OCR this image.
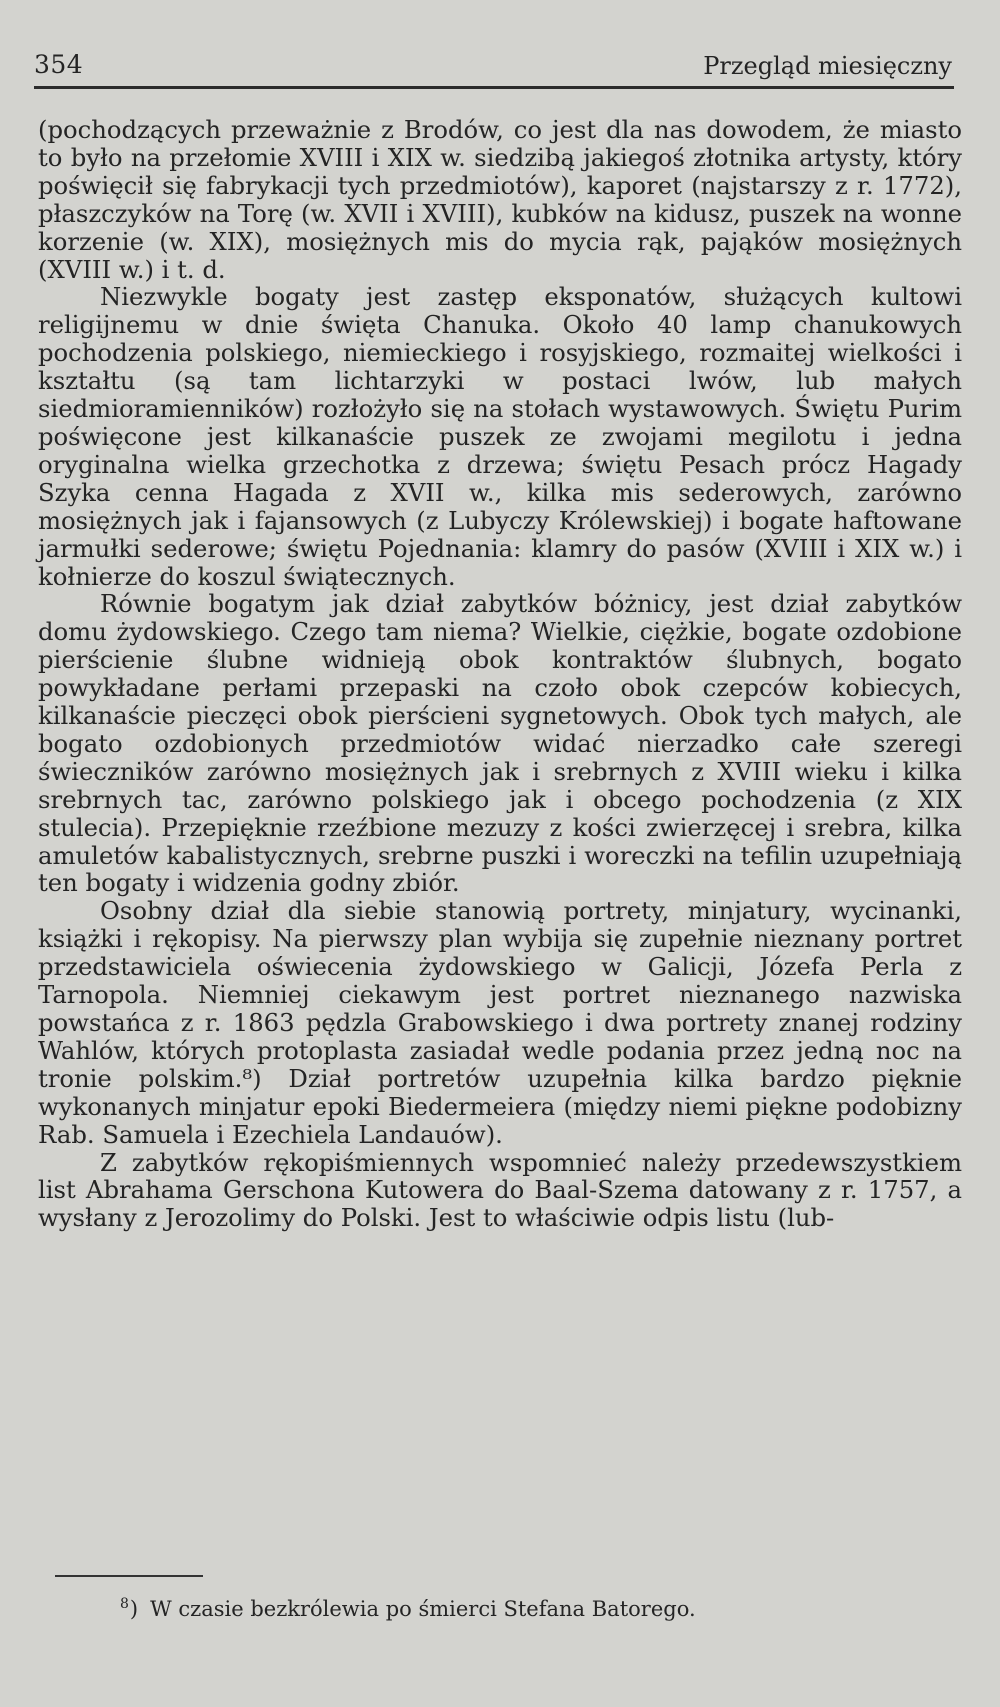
354	Przegląd miesięczny

(pochodzących przeważnie z Brodów, co jest dla nas dowodem, że miasto to było na przełomie XVIII i XIX w. siedzibą jakiegoś złotnika artysty, który poświęcił się fabrykacji tych przedmiotów), kaporet (najstarszy z r. 1772), płaszczyków na Torę (w. XVII i XVIII), kubków na kidusz, puszek na wonne korzenie (w. XIX), mosiężnych mis do mycia rąk, pająków mosiężnych (XVIII w.) i t. d.

Niezwykle bogaty jest zastęp eksponatów, służących kultowi religijnemu w dnie święta Chanuka. Około 40 lamp chanukowych pochodzenia polskiego, niemieckiego i rosyjskiego, rozmaitej wielkości i kształtu (są tam lichtarzyki w postaci lwów, lub małych siedmioramienników) rozłożyło się na stołach wystawowych. Świętu Purim poświęcone jest kilkanaście puszek ze zwojami megilotu i jedna oryginalna wielka grzechotka z drzewa; świętu Pesach prócz Hagady Szyka cenna Hagada z XVII w., kilka mis sederowych, zarówno mosiężnych jak i fajansowych (z Lubyczy Królewskiej) i bogate haftowane jarmułki sederowe; świętu Pojednania: klamry do pasów (XVIII i XIX w.) i kołnierze do koszul świątecznych.

Równie bogatym jak dział zabytków bóżnicy, jest dział zabytków domu żydowskiego. Czego tam niema? Wielkie, ciężkie, bogate ozdobione pierścienie ślubne widnieją obok kontraktów ślubnych, bogato powykładane perłami przepaski na czoło obok czepców kobiecych, kilkanaście pieczęci obok pierścieni sygnetowych. Obok tych małych, ale bogato ozdobionych przedmiotów widać nierzadko całe szeregi świeczników zarówno mosiężnych jak i srebrnych z XVIII wieku i kilka srebrnych tac, zarówno polskiego jak i obcego pochodzenia (z XIX stulecia). Przepięknie rzeźbione mezuzy z kości zwierzęcej i srebra, kilka amuletów kabalistycznych, srebrne puszki i woreczki na tefilin uzupełniają ten bogaty i widzenia godny zbiór.

Osobny dział dla siebie stanowią portrety, minjatury, wycinanki, książki i rękopisy. Na pierwszy plan wybija się zupełnie nieznany portret przedstawiciela oświecenia żydowskiego w Galicji, Józefa Perla z Tarnopola. Niemniej ciekawym jest portret nieznanego nazwiska powstańca z r. 1863 pędzla Grabowskiego i dwa portrety znanej rodziny Wahlów, których protoplasta zasiadał wedle podania przez jedną noc na tronie polskim.⁸) Dział portretów uzupełnia kilka bardzo pięknie wykonanych minjatur epoki Biedermeiera (między niemi piękne podobizny Rab. Samuela i Ezechiela Landauów).

Z zabytków rękopiśmiennych wspomnieć należy przedewszystkiem list Abrahama Gerschona Kutowera do Baal-Szema datowany z r. 1757, a wysłany z Jerozolimy do Polski. Jest to właściwie odpis listu (lub-

$^8$) W czasie bezkrólewia po śmierci Stefana Batorego.
